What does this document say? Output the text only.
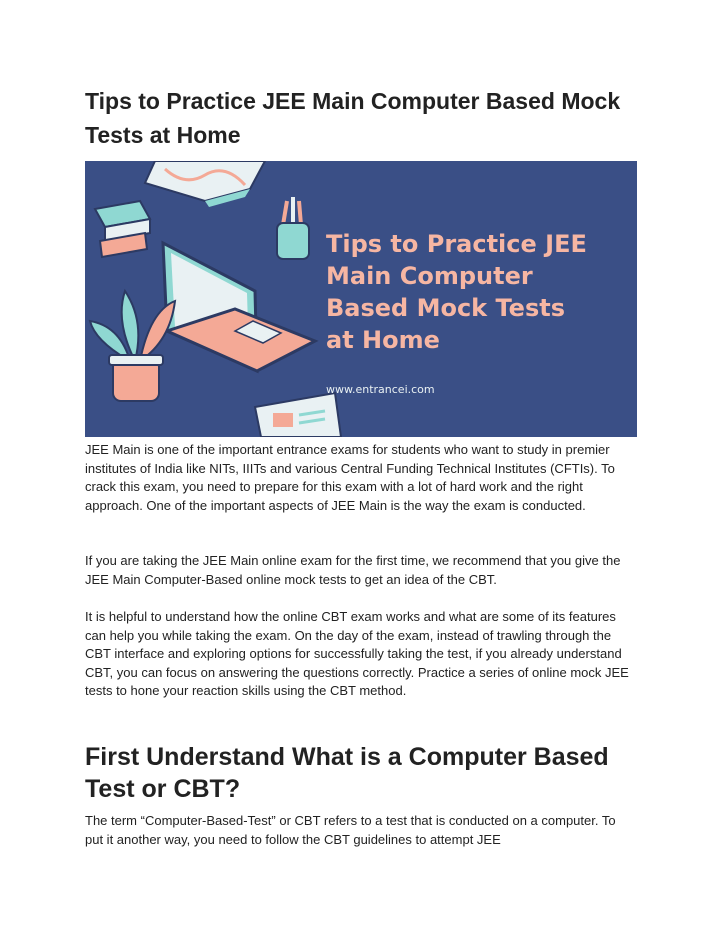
Tips to Practice JEE Main Computer Based Mock Tests at Home
Tips to Practice JEE
Main Computer
Based Mock Tests
at Home
www.entrancei.com

JEE Main is one of the important entrance exams for students who want to study in premier institutes of India like NITs, IIITs and various Central Funding Technical Institutes (CFTIs). To crack this exam, you need to prepare for this exam with a lot of hard work and the right approach. One of the important aspects of JEE Main is the way the exam is conducted.

If you are taking the JEE Main online exam for the first time, we recommend that you give the JEE Main Computer-Based online mock tests to get an idea of the CBT.

It is helpful to understand how the online CBT exam works and what are some of its features can help you while taking the exam. On the day of the exam, instead of trawling through the CBT interface and exploring options for successfully taking the test, if you already understand CBT, you can focus on answering the questions correctly. Practice a series of online mock JEE tests to hone your reaction skills using the CBT method.

First Understand What is a Computer Based Test or CBT?

The term “Computer-Based-Test” or CBT refers to a test that is conducted on a computer. To put it another way, you need to follow the CBT guidelines to attempt JEE
